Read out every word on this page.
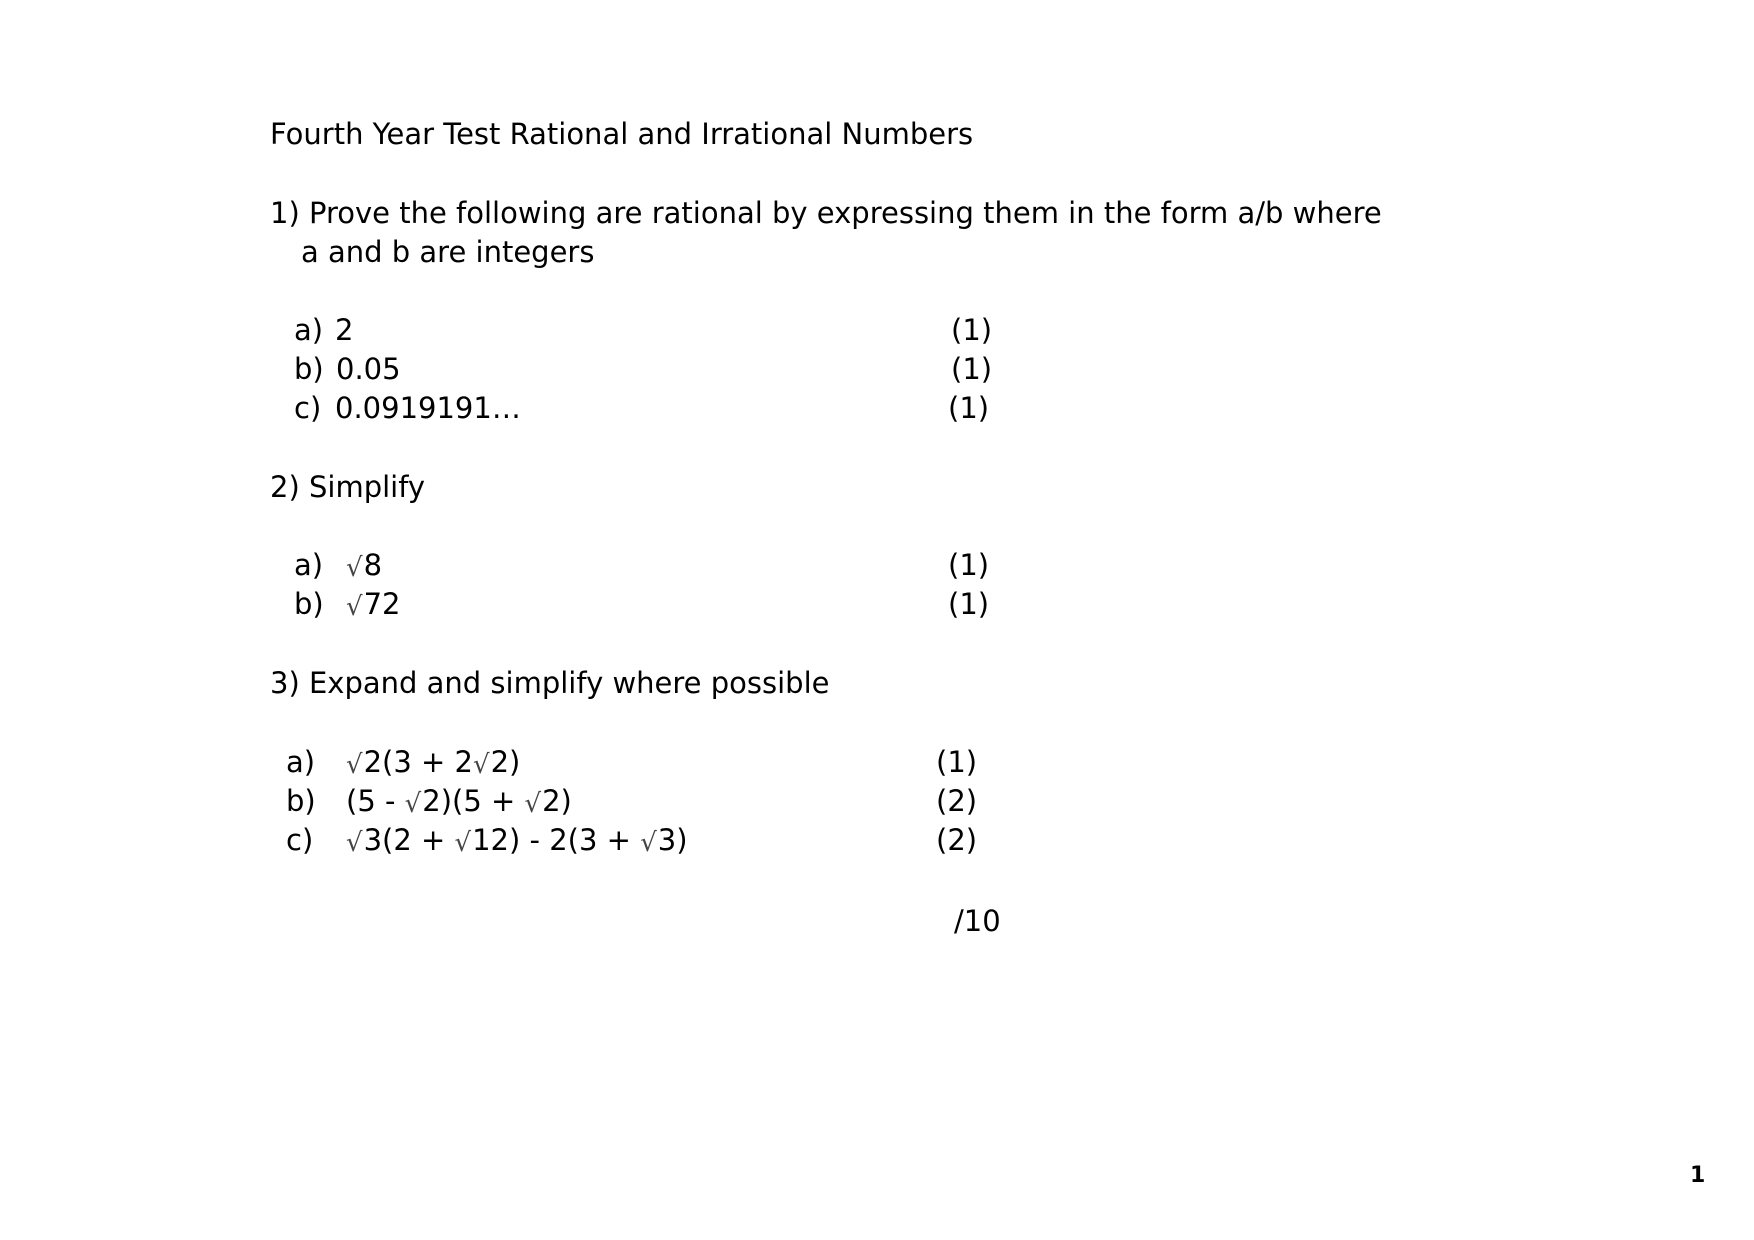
Fourth Year Test Rational and Irrational Numbers
1) Prove the following are rational by expressing them in the form a/b where
a and b are integers
a) 2	(1)
b) 0.05	(1)
c) 0.0919191…	(1)
2) Simplify
a) √8	(1)
b) √72	(1)
3) Expand and simplify where possible
a) √2(3 + 2√2)	(1)
b) (5 - √2)(5 + √2)	(2)
c) √3(2 + √12) - 2(3 + √3)	(2)
/10
1
